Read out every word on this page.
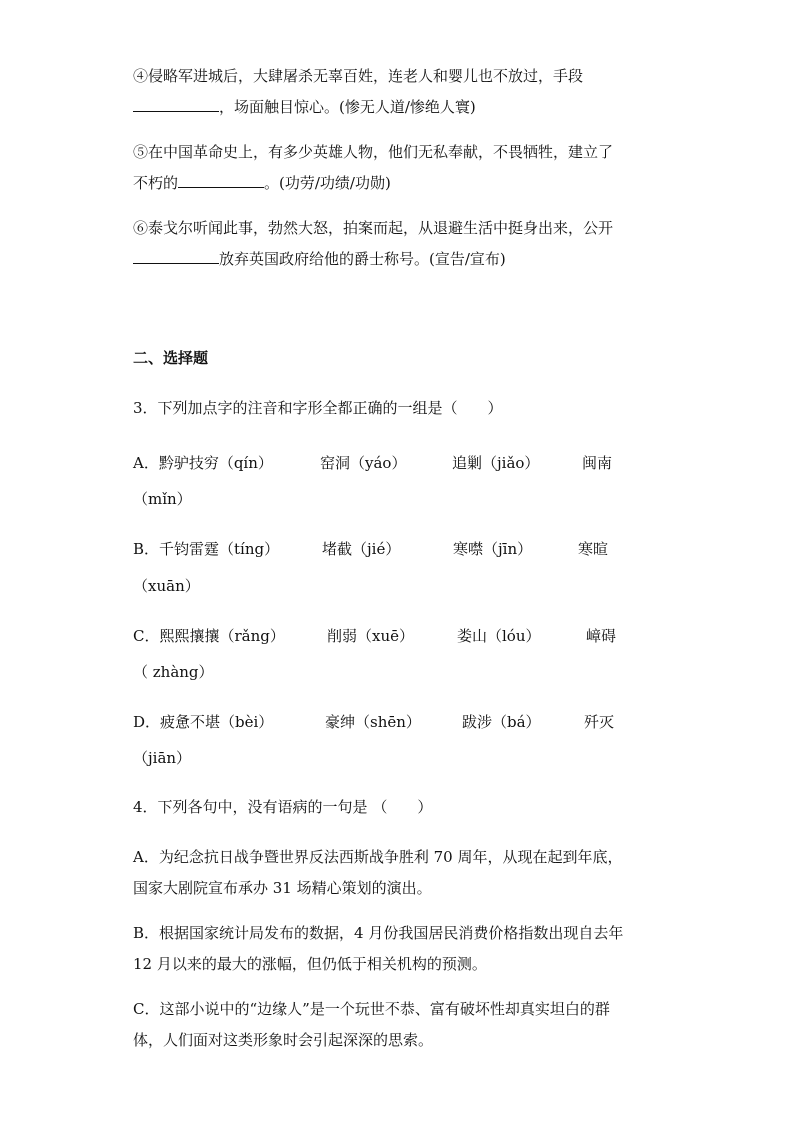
④侵略军进城后，大肆屠杀无辜百姓，连老人和婴儿也不放过，手段
，场面触目惊心。(惨无人道/惨绝人寰)
⑤在中国革命史上，有多少英雄人物，他们无私奉献，不畏牺牲，建立了
不朽的	。(功劳/功绩/功勋)
⑥泰戈尔听闻此事，勃然大怒，拍案而起，从退避生活中挺身出来，公开
放弃英国政府给他的爵士称号。(宣告/宣布)
二、选择题
3．下列加点字的注音和字形全都正确的一组是（　　）
A．黔驴技穷（qín）	窑洞（yáo）	追剿（jiǎo）	闽南
（mǐn）
B．千钧雷霆（tíng）	堵截（jié）	寒噤（jīn）	寒暄
（xuān）
C．熙熙攘攘（rǎng）	削弱（xuē）	娄山（lóu）	嶂碍
（ zhàng）
D．疲惫不堪（bèi）	豪绅（shēn）	跋涉（bá）	歼灭
（jiān）
4．下列各句中，没有语病的一句是 （　　）
A．为纪念抗日战争暨世界反法西斯战争胜利 70 周年，从现在起到年底，
国家大剧院宣布承办 31 场精心策划的演出。
B．根据国家统计局发布的数据，4 月份我国居民消费价格指数出现自去年
12 月以来的最大的涨幅，但仍低于相关机构的预测。
C．这部小说中的“边缘人”是一个玩世不恭、富有破坏性却真实坦白的群
体，人们面对这类形象时会引起深深的思索。
